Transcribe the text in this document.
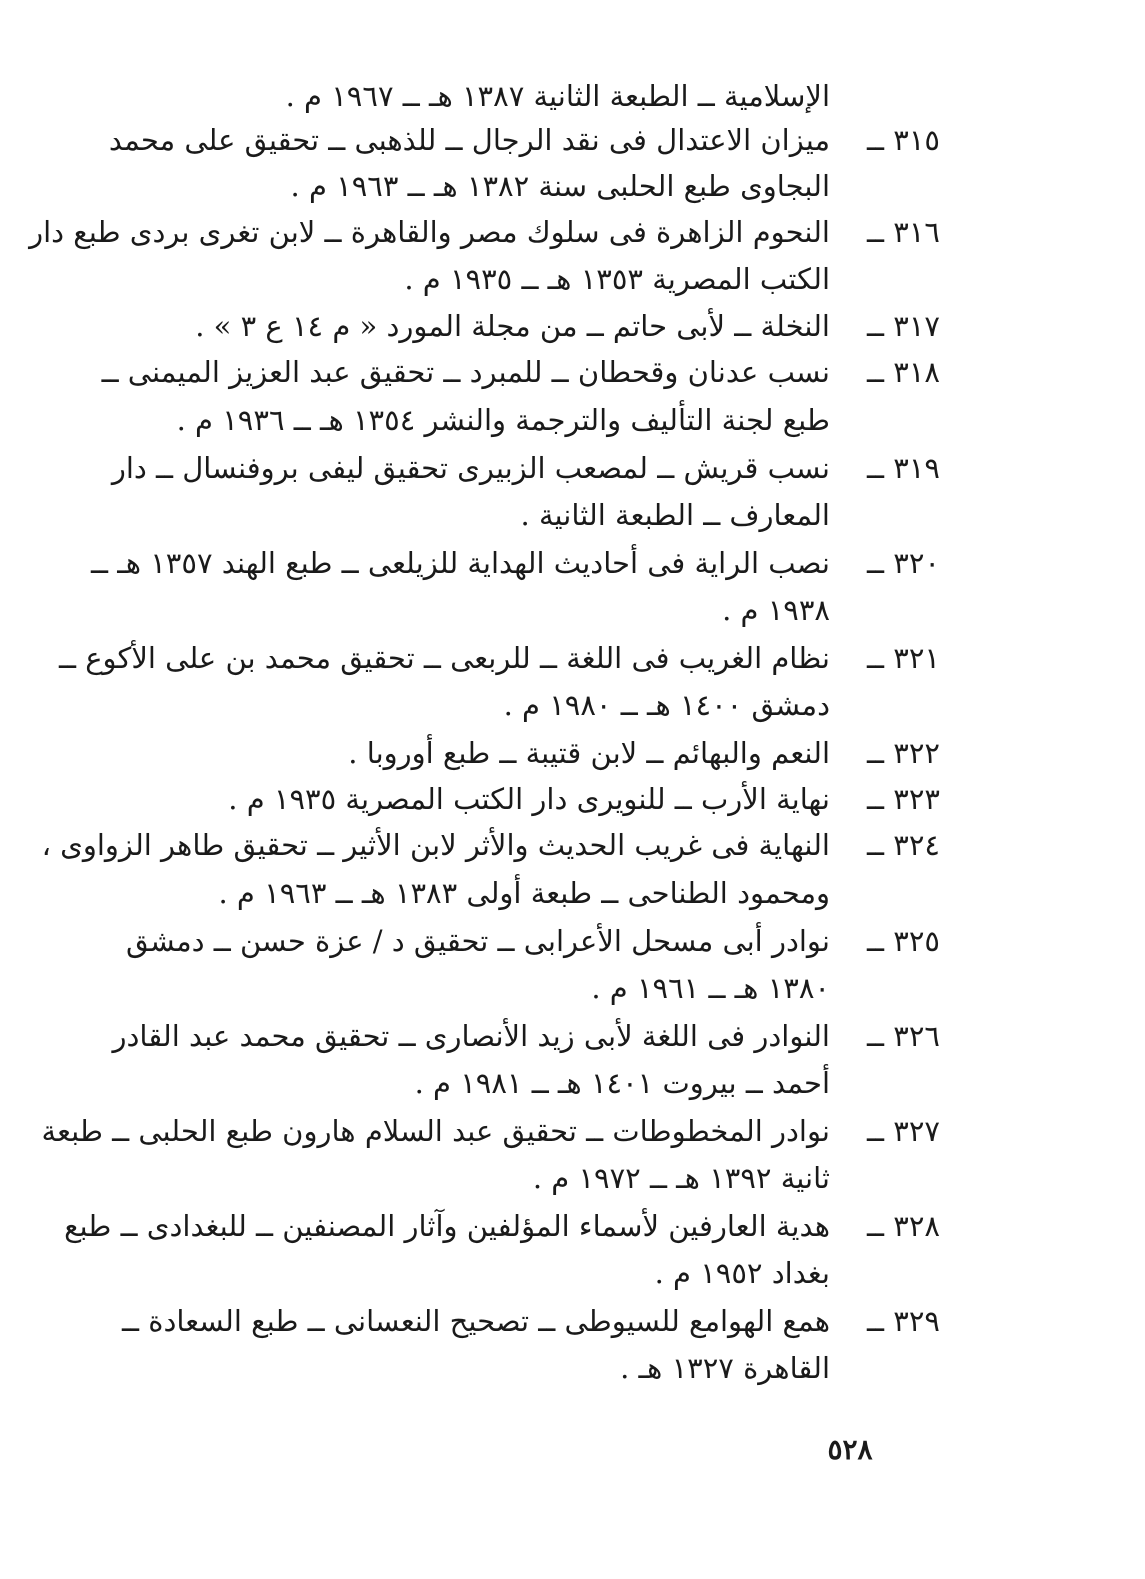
الإسلامية ــ الطبعة الثانية ١٣٨٧ هـ ــ ١٩٦٧ م .
٣١٥ ــ
ميزان الاعتدال فى نقد الرجال ــ للذهبى ــ تحقيق على محمد
البجاوى طبع الحلبى سنة ١٣٨٢ هـ ــ ١٩٦٣ م .
٣١٦ ــ
النحوم الزاهرة فى سلوك مصر والقاهرة ــ لابن تغرى بردى طبع دار
الكتب المصرية ١٣٥٣ هـ ــ ١٩٣٥ م .
٣١٧ ــ
النخلة ــ لأبى حاتم ــ من مجلة المورد « م ١٤ ع ٣ » .
٣١٨ ــ
نسب عدنان وقحطان ــ للمبرد ــ تحقيق عبد العزيز الميمنى ــ
طبع لجنة التأليف والترجمة والنشر ١٣٥٤ هـ ــ ١٩٣٦ م .
٣١٩ ــ
نسب قريش ــ لمصعب الزبيرى تحقيق ليفى بروفنسال ــ دار
المعارف ــ الطبعة الثانية .
٣٢٠ ــ
نصب الراية فى أحاديث الهداية للزيلعى ــ طبع الهند ١٣٥٧ هـ ــ
١٩٣٨ م .
٣٢١ ــ
نظام الغريب فى اللغة ــ للربعى ــ تحقيق محمد بن على الأكوع ــ
دمشق ١٤٠٠ هـ ــ ١٩٨٠ م .
٣٢٢ ــ
النعم والبهائم ــ لابن قتيبة ــ طبع أوروبا .
٣٢٣ ــ
نهاية الأرب ــ للنويرى دار الكتب المصرية ١٩٣٥ م .
٣٢٤ ــ
النهاية فى غريب الحديث والأثر لابن الأثير ــ تحقيق طاهر الزواوى ،
ومحمود الطناحى ــ طبعة أولى ١٣٨٣ هـ ــ ١٩٦٣ م .
٣٢٥ ــ
نوادر أبى مسحل الأعرابى ــ تحقيق د / عزة حسن ــ دمشق
١٣٨٠ هـ ــ ١٩٦١ م .
٣٢٦ ــ
النوادر فى اللغة لأبى زيد الأنصارى ــ تحقيق محمد عبد القادر
أحمد ــ بيروت ١٤٠١ هـ ــ ١٩٨١ م .
٣٢٧ ــ
نوادر المخطوطات ــ تحقيق عبد السلام هارون طبع الحلبى ــ طبعة
ثانية ١٣٩٢ هـ ــ ١٩٧٢ م .
٣٢٨ ــ
هدية العارفين لأسماء المؤلفين وآثار المصنفين ــ للبغدادى ــ طبع
بغداد ١٩٥٢ م .
٣٢٩ ــ
همع الهوامع للسيوطى ــ تصحيح النعسانى ــ طبع السعادة ــ
القاهرة ١٣٢٧ هـ .
٥٢٨
